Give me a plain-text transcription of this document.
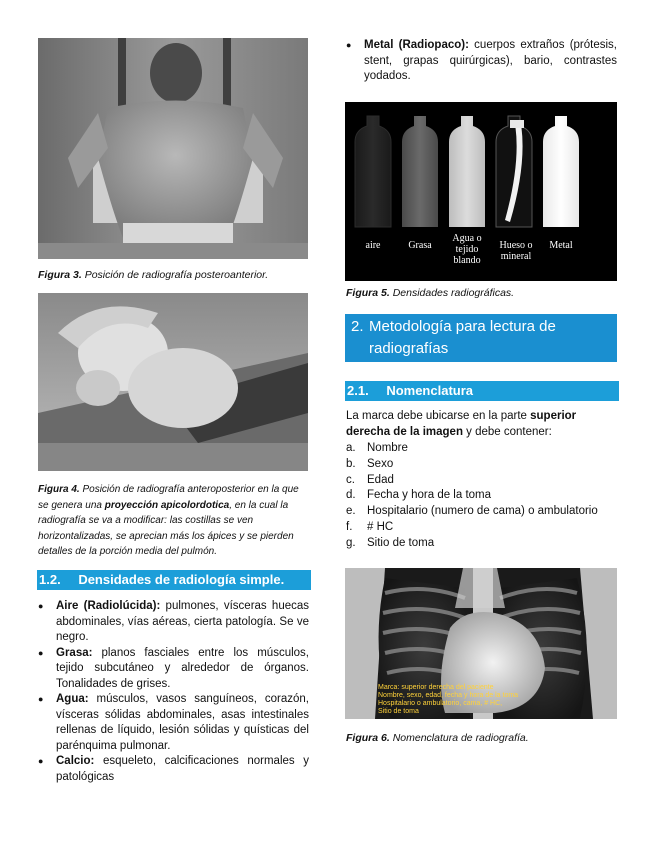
Figura 3. Posición de radiografía posteroanterior.
Figura 4. Posición de radiografía anteroposterior en la que se genera una proyección apicolordotica, en la cual la radiografía se va a modificar: las costillas se ven horizontalizadas, se aprecian más los ápices y se pierden detalles de la porción media del pulmón.
1.2. Densidades de radiología simple.
● Aire (Radiolúcida): pulmones, vísceras huecas abdominales, vías aéreas, cierta patología. Se ve negro.
● Grasa: planos fasciales entre los músculos, tejido subcutáneo y alrededor de órganos. Tonalidades de grises.
● Agua: músculos, vasos sanguíneos, corazón, vísceras sólidas abdominales, asas intestinales rellenas de líquido, lesión sólidas y quísticas del parénquima pulmonar.
● Calcio: esqueleto, calcificaciones normales y patológicas
● Metal (Radiopaco): cuerpos extraños (prótesis, stent, grapas quirúrgicas), bario, contrastes yodados.
aire	Grasa
Agua o
tejido
blando
Hueso o
mineral
Metal
Figura 5. Densidades radiográficas.
2. Metodología para lectura de radiografías
2.1. Nomenclatura
La marca debe ubicarse en la parte superior derecha de la imagen y debe contener:
a. Nombre
b. Sexo
c.	Edad
d. Fecha y hora de la toma
e. Hospitalario (numero de cama) o ambulatorio
f.	# HC
g. Sitio de toma
Marca: superior derecha del paciente
Nombre, sexo, edad, fecha y hora de la toma
Hospitalario o ambulatorio, cama, # HC,
Sitio de toma
Figura 6. Nomenclatura de radiografía.
